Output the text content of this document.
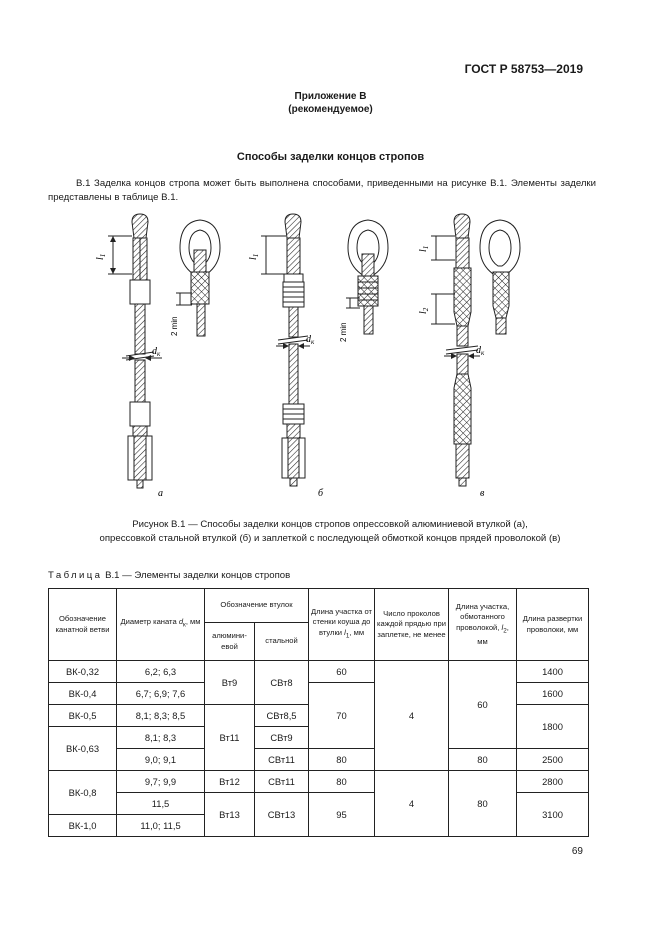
ГОСТ Р 58753—2019
Приложение В
(рекомендуемое)
Способы заделки концов стропов
В.1 Заделка концов стропа может быть выполнена способами, приведенными на рисунке В.1. Элементы заделки представлены в таблице В.1.
$l_1$
$l_1$
$l_1$
$l_2$
$d_к$
$d_к$
$d_к$
2 min	2 min
а	б	в
Рисунок В.1 — Способы заделки концов стропов опрессовкой алюминиевой втулкой (а),
опрессовкой стальной втулкой (б) и заплеткой с последующей обмоткой концов прядей проволокой (в)
Таблица В.1 — Элементы заделки концов стропов
Обозначение канатной ветви	Диаметр каната $d_к$, мм	Обозначение втулок		Длина участка от стенки коуша до втулки $l_1$, мм	Число проколов каждой прядью при заплетке, не менее	Длина участка, обмотанного проволокой, $l_2$, мм	Длина развертки проволоки, мм
		алюминиевой	стальной				
ВК-0,32	6,2; 6,3	Вт9	СВт8	60	4	60	1400
ВК-0,4	6,7; 6,9; 7,6			70			1600
ВК-0,5	8,1; 8,3; 8,5	Вт11	СВт8,5				1800
ВК-0,63	8,1; 8,3		СВт9				
	9,0; 9,1		СВт11	80		80	2500
ВК-0,8	9,7; 9,9	Вт12	СВт11	80	4	80	2800
	11,5	Вт13	СВт13	95			3100
ВК-1,0	11,0; 11,5						
69
